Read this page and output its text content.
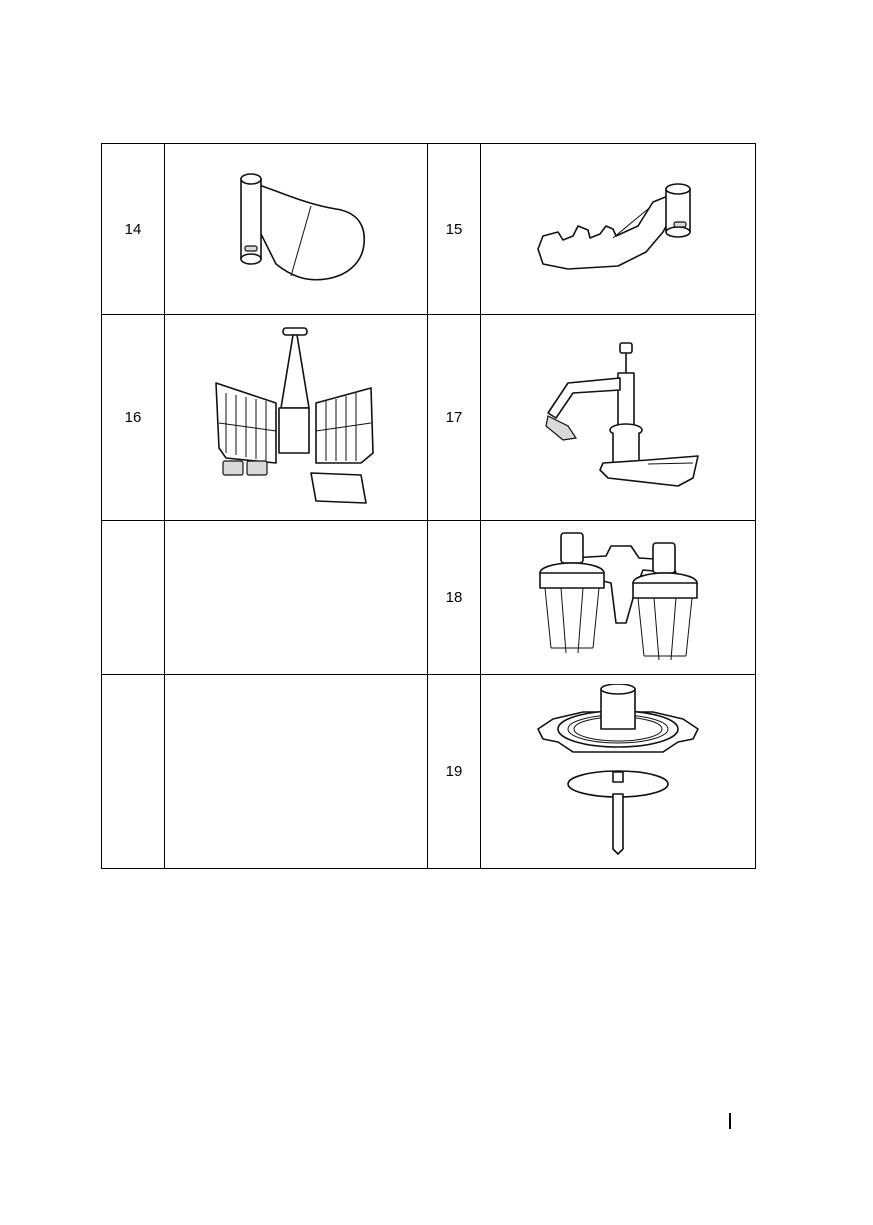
14		15	

16		17	

		18	

		19	
